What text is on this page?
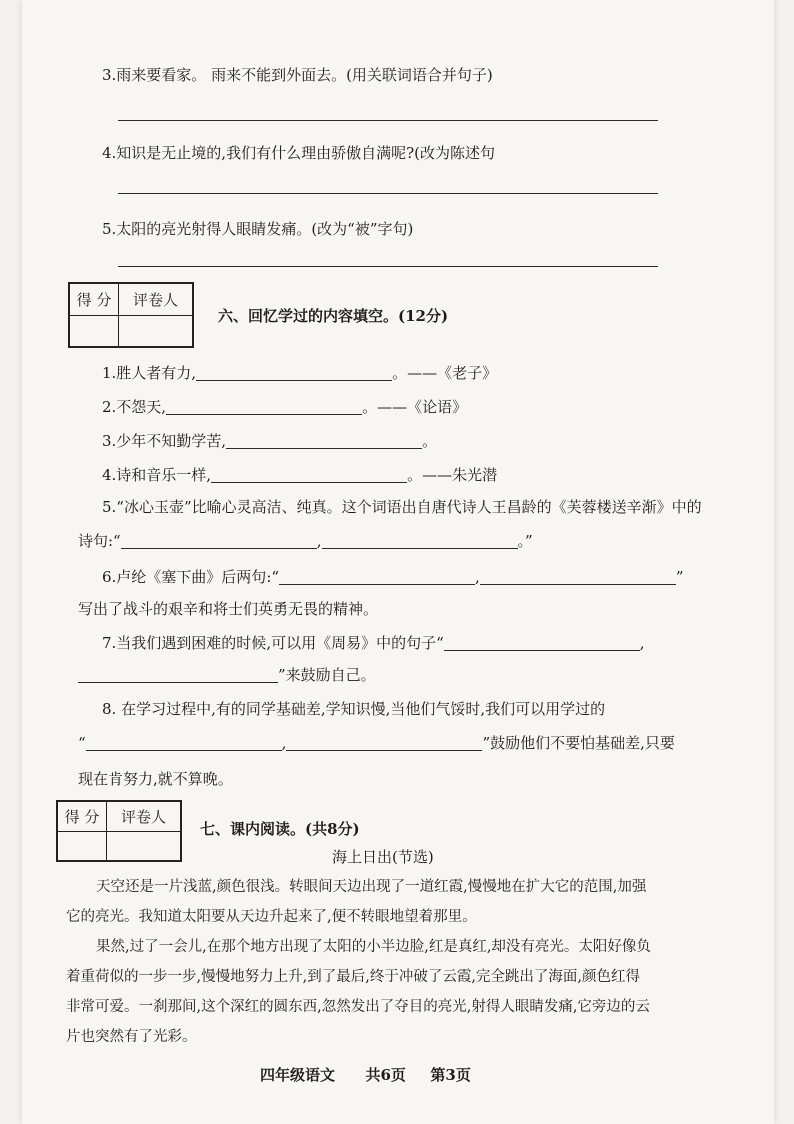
3.雨来要看家。 雨来不能到外面去。(用关联词语合并句子)
4.知识是无止境的,我们有什么理由骄傲自满呢?(改为陈述句
5.太阳的亮光射得人眼睛发痛。(改为“被”字句)
得 分	评卷人
六、回忆学过的内容填空。(12分)
1.胜人者有力,	。——《老子》
2.不怨天,	。——《论语》
3.少年不知勤学苦,	。
4.诗和音乐一样,	。——朱光潜
5.“冰心玉壶”比喻心灵高洁、纯真。这个词语出自唐代诗人王昌龄的《芙蓉楼送辛渐》中的
诗句:“	,	。”
6.卢纶《塞下曲》后两句:“	,	”
写出了战斗的艰辛和将士们英勇无畏的精神。
7.当我们遇到困难的时候,可以用《周易》中的句子“	,
”来鼓励自己。
8. 在学习过程中,有的同学基础差,学知识慢,当他们气馁时,我们可以用学过的
“	,	”鼓励他们不要怕基础差,只要
现在肯努力,就不算晚。
得 分	评卷人
七、课内阅读。(共8分)
海上日出(节选)
天空还是一片浅蓝,颜色很浅。转眼间天边出现了一道红霞,慢慢地在扩大它的范围,加强
它的亮光。我知道太阳要从天边升起来了,便不转眼地望着那里。
果然,过了一会儿,在那个地方出现了太阳的小半边脸,红是真红,却没有亮光。太阳好像负
着重荷似的一步一步,慢慢地努力上升,到了最后,终于冲破了云霞,完全跳出了海面,颜色红得
非常可爱。一刹那间,这个深红的圆东西,忽然发出了夺目的亮光,射得人眼睛发痛,它旁边的云
片也突然有了光彩。
四年级语文 共6页 第3页
